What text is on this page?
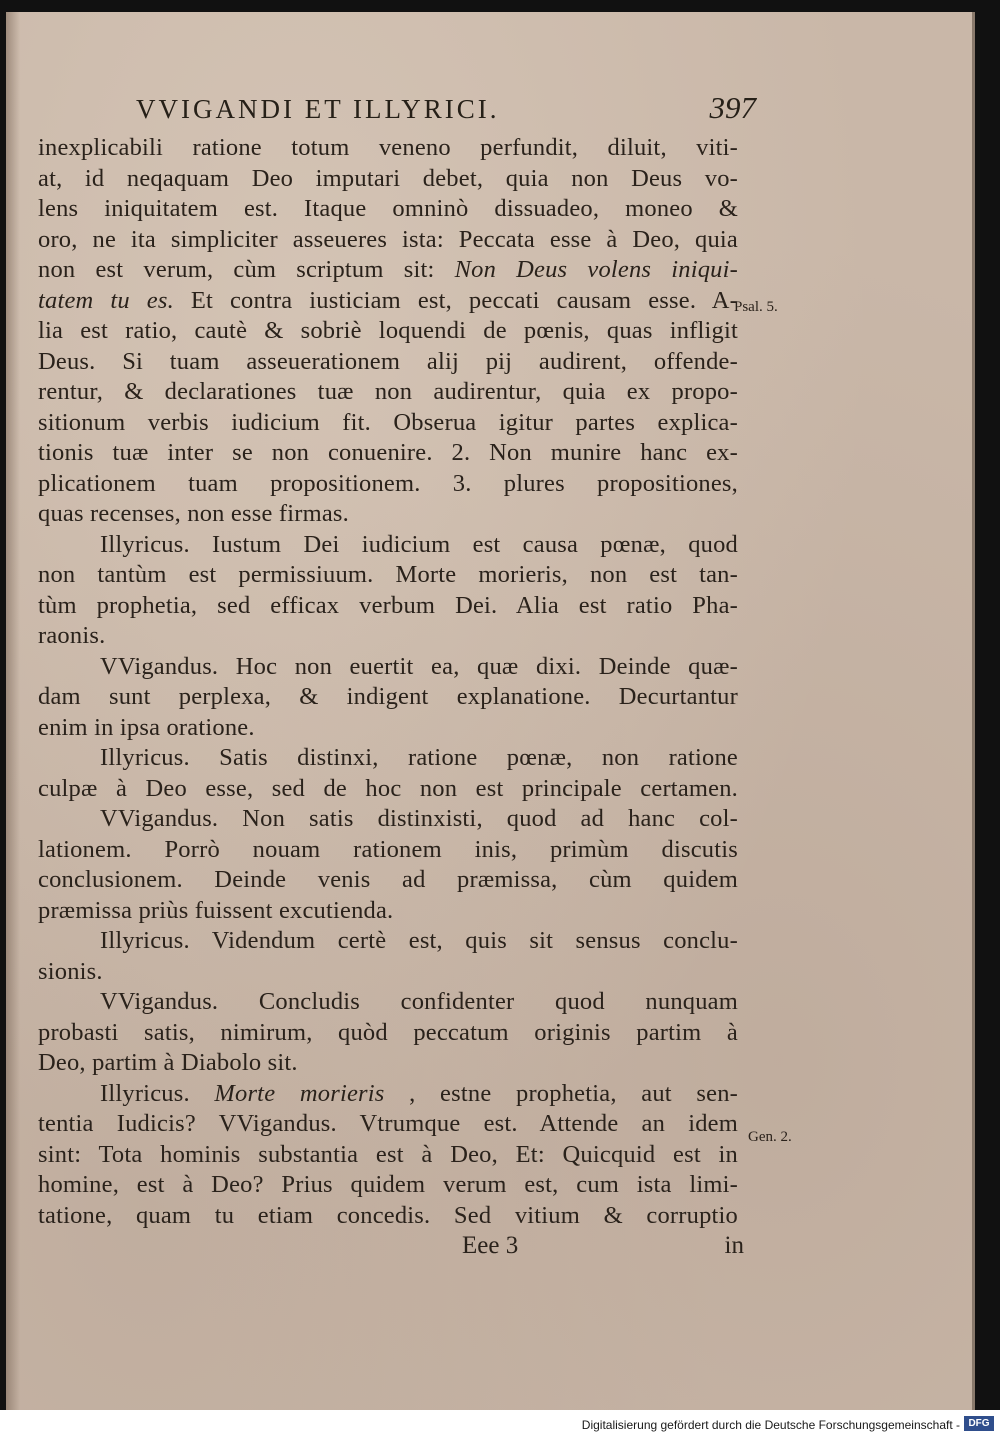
VVIGANDI ET ILLYRICI.	397
inexplicabili ratione totum veneno perfundit, diluit, viti-
at, id neqaquam Deo imputari debet, quia non Deus vo-
lens iniquitatem est. Itaque omninò dissuadeo, moneo &
oro, ne ita simpliciter asseueres ista: Peccata esse à Deo, quia
non est verum, cùm scriptum sit: Non Deus volens iniqui-
tatem tu es. Et contra iusticiam est, peccati causam esse. A-
lia est ratio, cautè & sobriè loquendi de pœnis, quas infligit
Deus. Si tuam asseuerationem alij pij audirent, offende-
rentur, & declarationes tuæ non audirentur, quia ex propo-
sitionum verbis iudicium fit. Obserua igitur partes explica-
tionis tuæ inter se non conuenire. 2. Non munire hanc ex-
plicationem tuam propositionem. 3. plures propositiones,
quas recenses, non esse firmas.
Illyricus. Iustum Dei iudicium est causa pœnæ, quod
non tantùm est permissiuum. Morte morieris, non est tan-
tùm prophetia, sed efficax verbum Dei. Alia est ratio Pha-
raonis.
VVigandus. Hoc non euertit ea, quæ dixi. Deinde quæ-
dam sunt perplexa, & indigent explanatione. Decurtantur
enim in ipsa oratione.
Illyricus. Satis distinxi, ratione pœnæ, non ratione
culpæ à Deo esse, sed de hoc non est principale certamen.
VVigandus. Non satis distinxisti, quod ad hanc col-
lationem. Porrò nouam rationem inis, primùm discutis
conclusionem. Deinde venis ad præmissa, cùm quidem
præmissa priùs fuissent excutienda.
Illyricus. Videndum certè est, quis sit sensus conclu-
sionis.
VVigandus. Concludis confidenter quod nunquam
probasti satis, nimirum, quòd peccatum originis partim à
Deo, partim à Diabolo sit.
Illyricus. Morte morieris , estne prophetia, aut sen-
tentia Iudicis? VVigandus. Vtrumque est. Attende an idem
sint: Tota hominis substantia est à Deo, Et: Quicquid est in
homine, est à Deo? Prius quidem verum est, cum ista limi-
tatione, quam tu etiam concedis. Sed vitium & corruptio
Psal. 5.
Gen. 2.
Eee 3	in
Digitalisierung gefördert durch die Deutsche Forschungsgemeinschaft - DFG
